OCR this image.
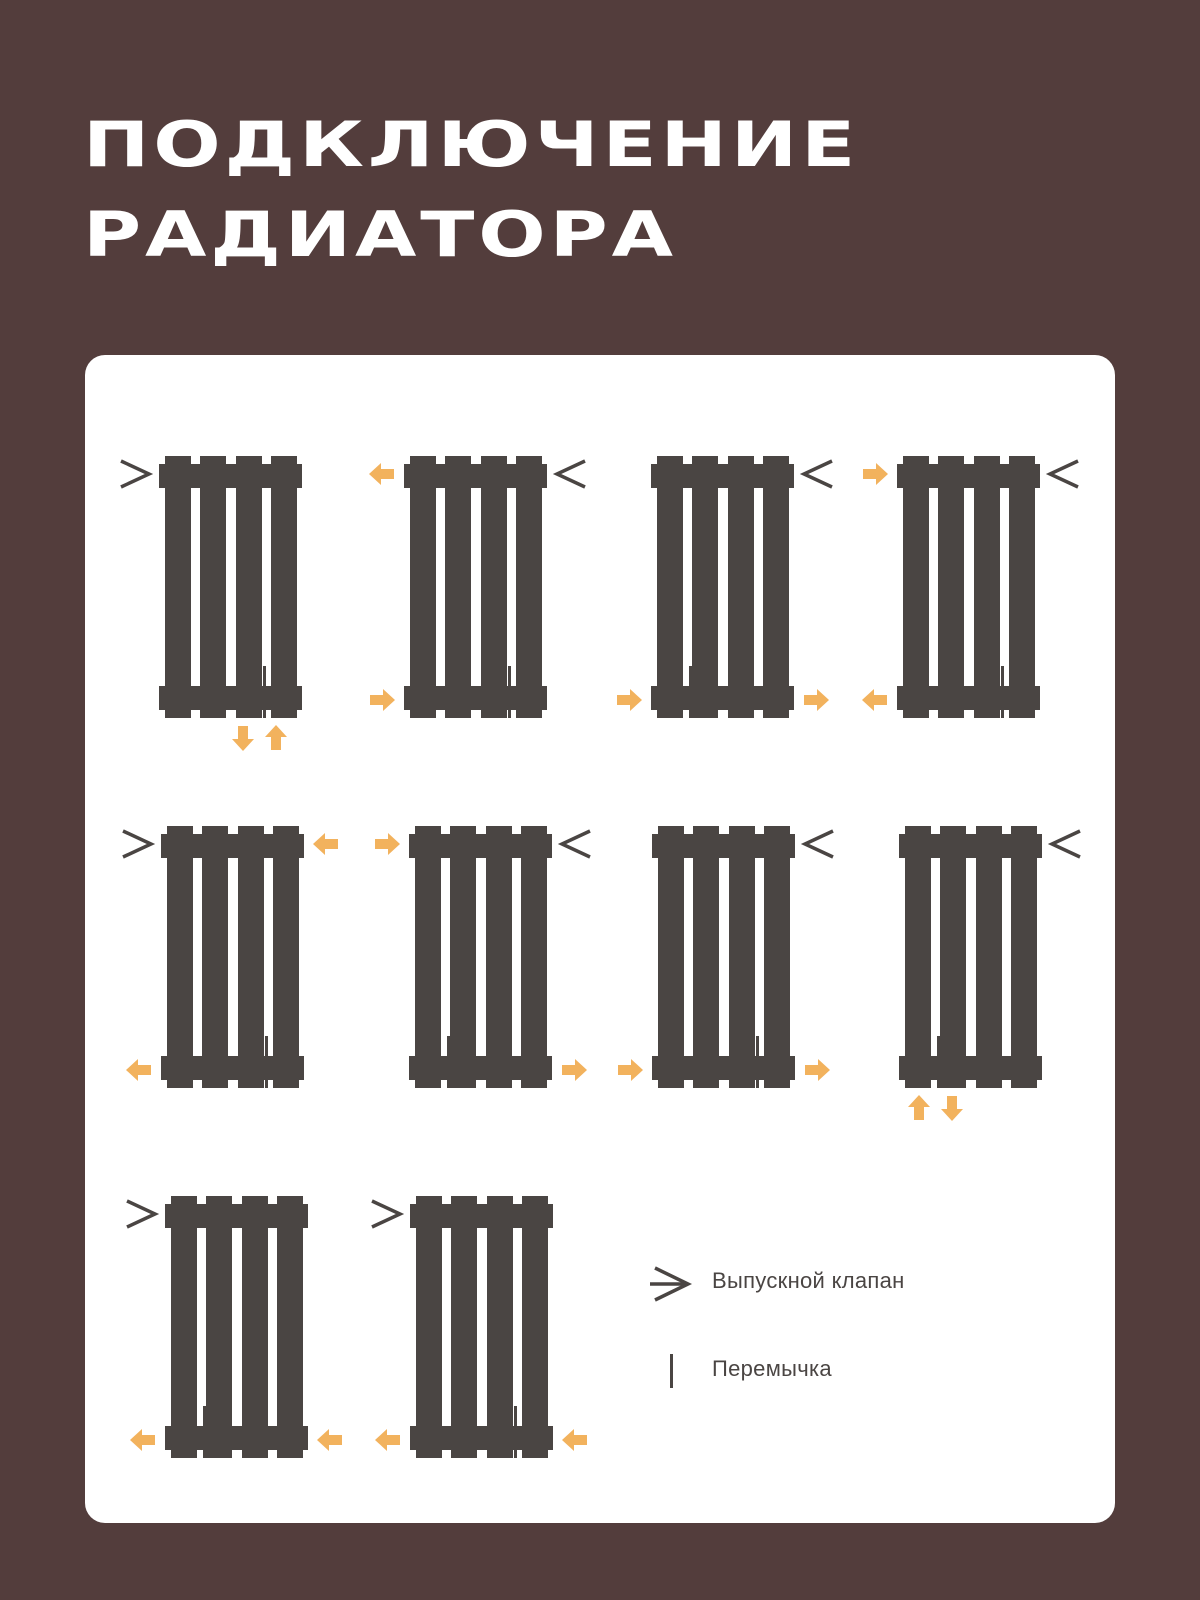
ПОДКЛЮЧЕНИЕ
РАДИАТОРА
Выпускной клапан
Перемычка
